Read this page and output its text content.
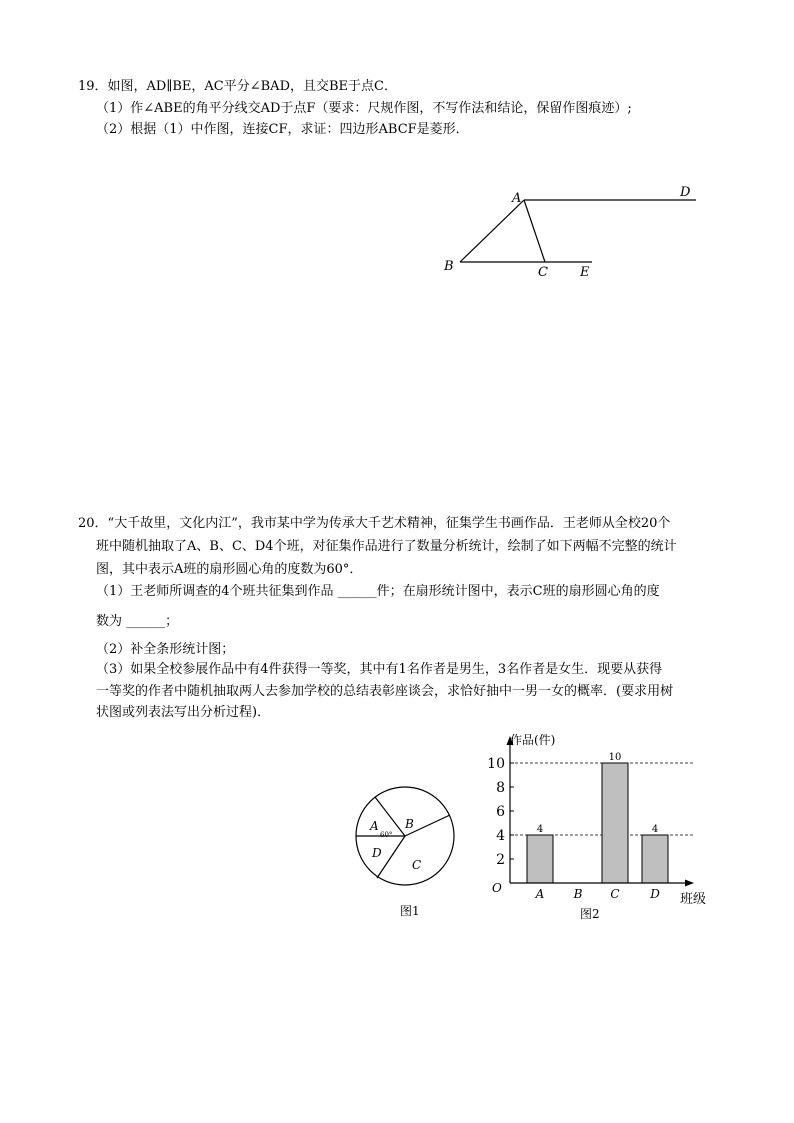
19．如图，AD∥BE，AC平分∠BAD，且交BE于点C．
（1）作∠ABE的角平分线交AD于点F（要求：尺规作图，不写作法和结论，保留作图痕迹）;
（2）根据（1）中作图，连接CF，求证：四边形ABCF是菱形．
A	D
B	C E
20．“大千故里，文化内江”，我市某中学为传承大千艺术精神，征集学生书画作品．王老师从全校20个
班中随机抽取了A、B、C、D4个班，对征集作品进行了数量分析统计，绘制了如下两幅不完整的统计
图，其中表示A班的扇形圆心角的度数为60°．
（1）王老师所调查的4个班共征集到作品 ______件；在扇形统计图中，表示C班的扇形圆心角的度
数为 ______；
（2）补全条形统计图；
（3）如果全校参展作品中有4件获得一等奖，其中有1名作者是男生，3名作者是女生．现要从获得
一等奖的作者中随机抽取两人去参加学校的总结表彰座谈会，求恰好抽中一男一女的概率．(要求用树
状图或列表法写出分析过程)．
A
60°
B
C
D
图1
作品(件)
班级
O
4
10
4
A B C	D
2
4
6
8
10
图2
